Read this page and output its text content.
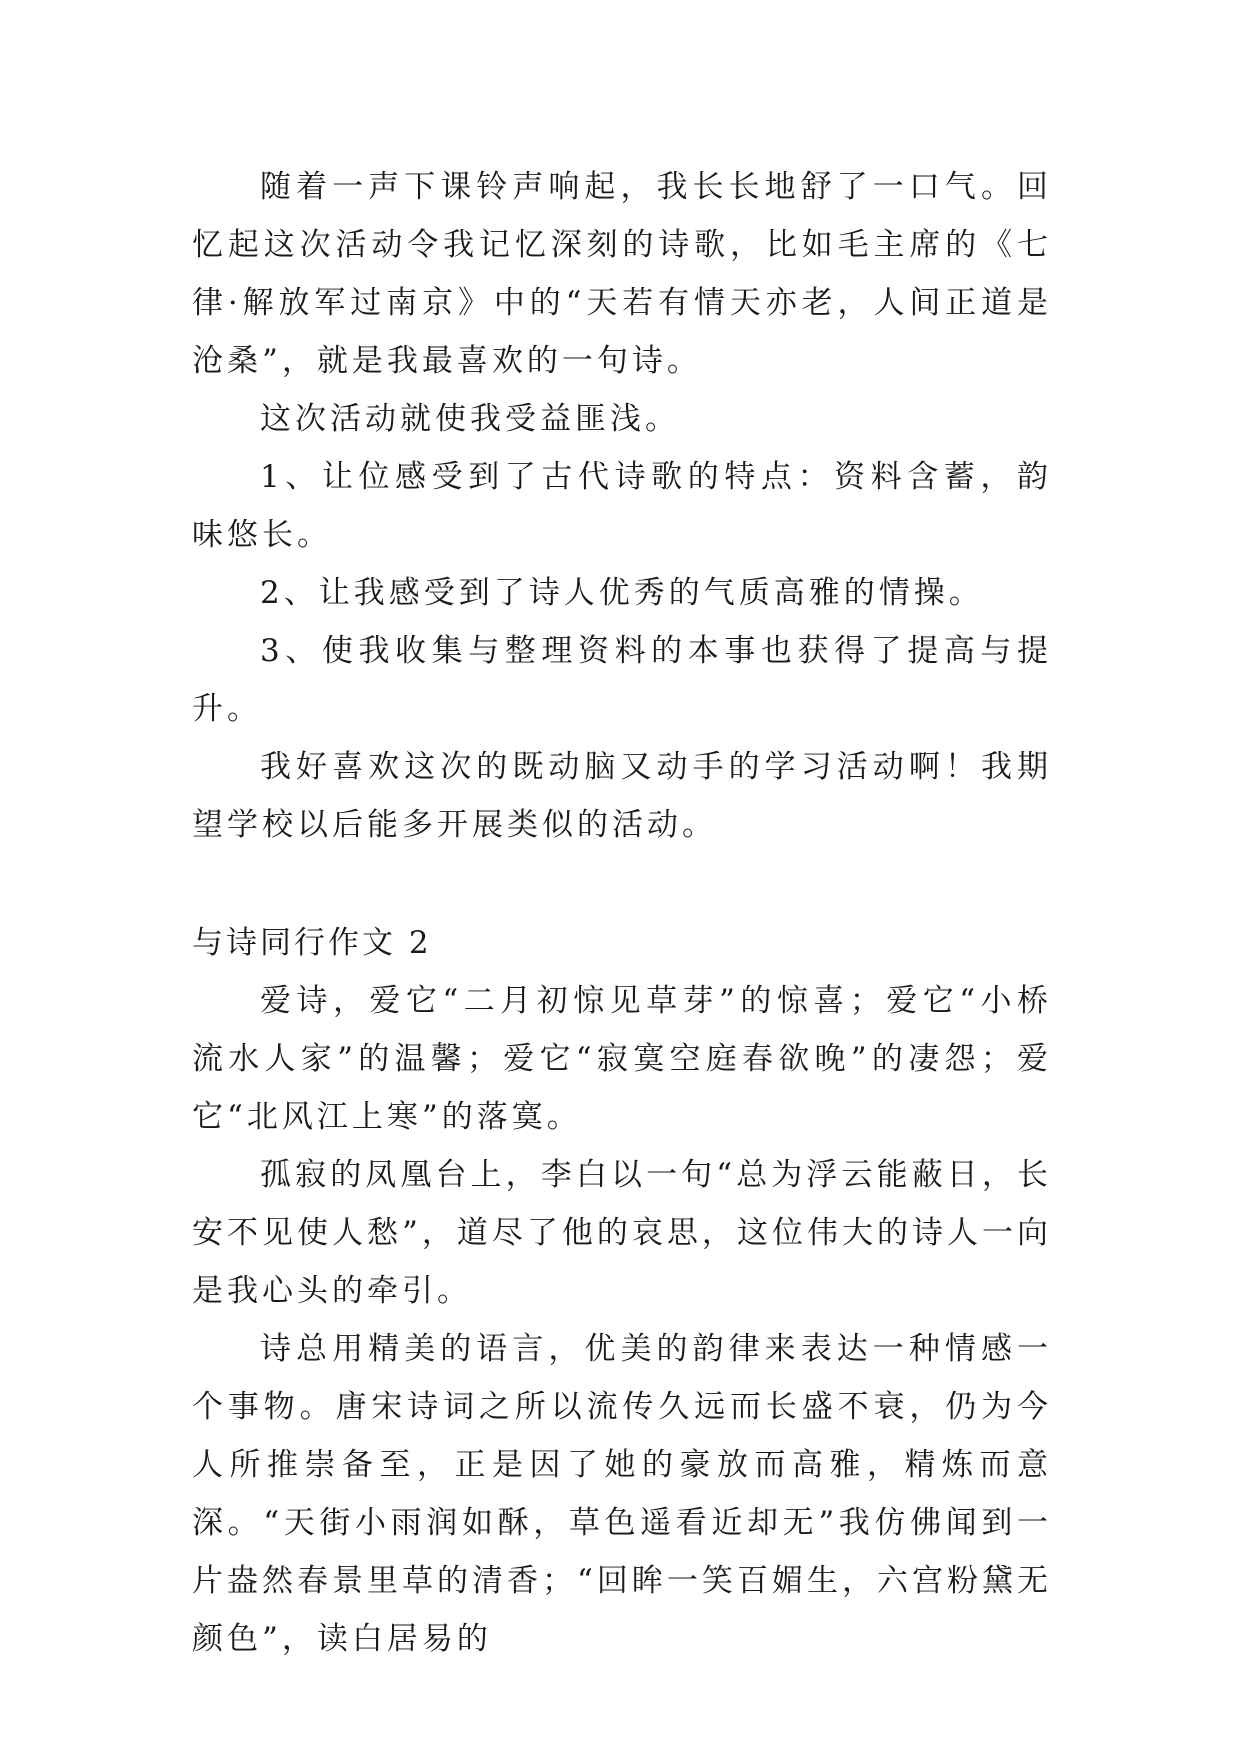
随着一声下课铃声响起，我长长地舒了一口气。回忆起这次活动令我记忆深刻的诗歌，比如毛主席的《七律·解放军过南京》中的“天若有情天亦老，人间正道是沧桑”，就是我最喜欢的一句诗。

这次活动就使我受益匪浅。

1、让位感受到了古代诗歌的特点：资料含蓄，韵味悠长。

2、让我感受到了诗人优秀的气质高雅的情操。

3、使我收集与整理资料的本事也获得了提高与提升。

我好喜欢这次的既动脑又动手的学习活动啊！我期望学校以后能多开展类似的活动。

与诗同行作文 2

爱诗，爱它“二月初惊见草芽”的惊喜；爱它“小桥流水人家”的温馨；爱它“寂寞空庭春欲晚”的凄怨；爱它“北风江上寒”的落寞。

孤寂的凤凰台上，李白以一句“总为浮云能蔽日，长安不见使人愁”，道尽了他的哀思，这位伟大的诗人一向是我心头的牵引。

诗总用精美的语言，优美的韵律来表达一种情感一个事物。唐宋诗词之所以流传久远而长盛不衰，仍为今人所推崇备至，正是因了她的豪放而高雅，精炼而意深。“天街小雨润如酥，草色遥看近却无”我仿佛闻到一片盎然春景里草的清香；“回眸一笑百媚生，六宫粉黛无颜色”，读白居易的
